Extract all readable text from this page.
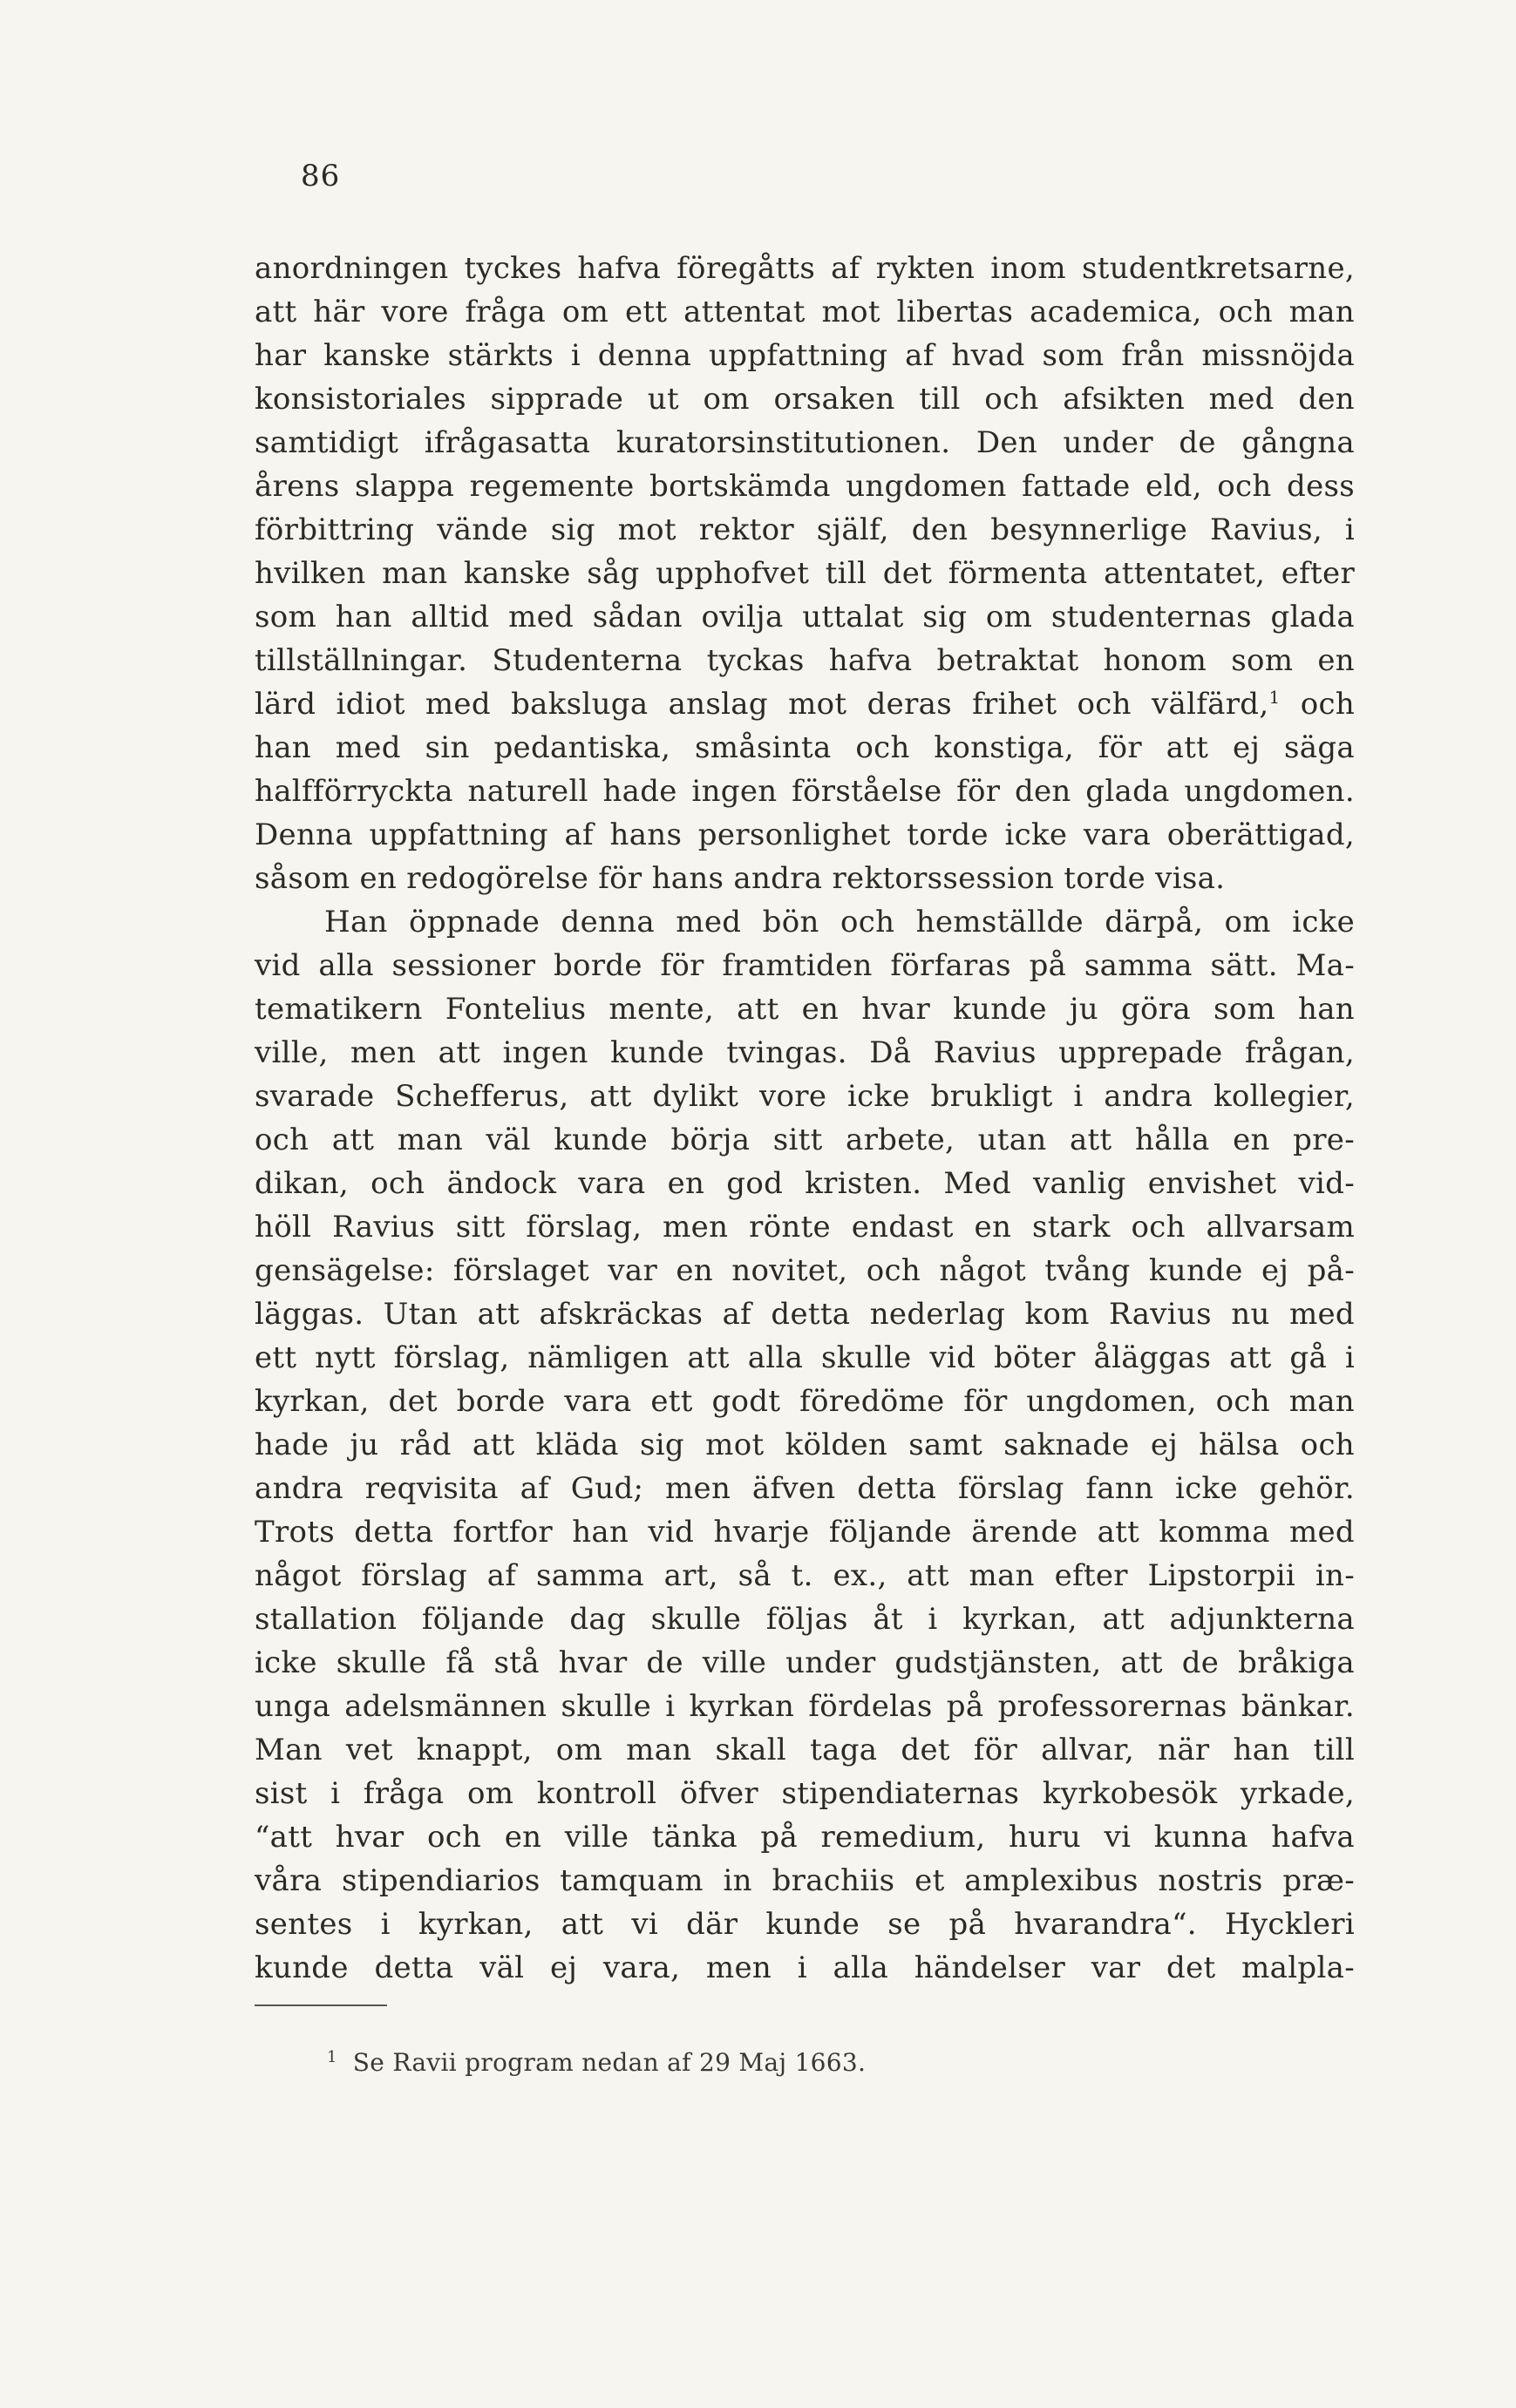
86
anordningen tyckes hafva föregåtts af rykten inom studentkretsarne,
att här vore fråga om ett attentat mot libertas academica, och man
har kanske stärkts i denna uppfattning af hvad som från missnöjda
konsistoriales sipprade ut om orsaken till och afsikten med den
samtidigt ifrågasatta kuratorsinstitutionen. Den under de gångna
årens slappa regemente bortskämda ungdomen fattade eld, och dess
förbittring vände sig mot rektor själf, den besynnerlige Ravius, i
hvilken man kanske såg upphofvet till det förmenta attentatet, efter
som han alltid med sådan ovilja uttalat sig om studenternas glada
tillställningar. Studenterna tyckas hafva betraktat honom som en
lärd idiot med baksluga anslag mot deras frihet och välfärd,$^1$ och
han med sin pedantiska, småsinta och konstiga, för att ej säga
halfförryckta naturell hade ingen förståelse för den glada ungdomen.
Denna uppfattning af hans personlighet torde icke vara oberättigad,
såsom en redogörelse för hans andra rektorssession torde visa.
Han öppnade denna med bön och hemställde därpå, om icke
vid alla sessioner borde för framtiden förfaras på samma sätt. Ma-
tematikern Fontelius mente, att en hvar kunde ju göra som han
ville, men att ingen kunde tvingas. Då Ravius upprepade frågan,
svarade Schefferus, att dylikt vore icke brukligt i andra kollegier,
och att man väl kunde börja sitt arbete, utan att hålla en pre-
dikan, och ändock vara en god kristen. Med vanlig envishet vid-
höll Ravius sitt förslag, men rönte endast en stark och allvarsam
gensägelse: förslaget var en novitet, och något tvång kunde ej på-
läggas. Utan att afskräckas af detta nederlag kom Ravius nu med
ett nytt förslag, nämligen att alla skulle vid böter åläggas att gå i
kyrkan, det borde vara ett godt föredöme för ungdomen, och man
hade ju råd att kläda sig mot kölden samt saknade ej hälsa och
andra reqvisita af Gud; men äfven detta förslag fann icke gehör.
Trots detta fortfor han vid hvarje följande ärende att komma med
något förslag af samma art, så t. ex., att man efter Lipstorpii in-
stallation följande dag skulle följas åt i kyrkan, att adjunkterna
icke skulle få stå hvar de ville under gudstjänsten, att de bråkiga
unga adelsmännen skulle i kyrkan fördelas på professorernas bänkar.
Man vet knappt, om man skall taga det för allvar, när han till
sist i fråga om kontroll öfver stipendiaternas kyrkobesök yrkade,
“att hvar och en ville tänka på remedium, huru vi kunna hafva
våra stipendiarios tamquam in brachiis et amplexibus nostris præ-
sentes i kyrkan, att vi där kunde se på hvarandra“. Hyckleri
kunde detta väl ej vara, men i alla händelser var det malpla-
$^1$ Se Ravii program nedan af 29 Maj 1663.
